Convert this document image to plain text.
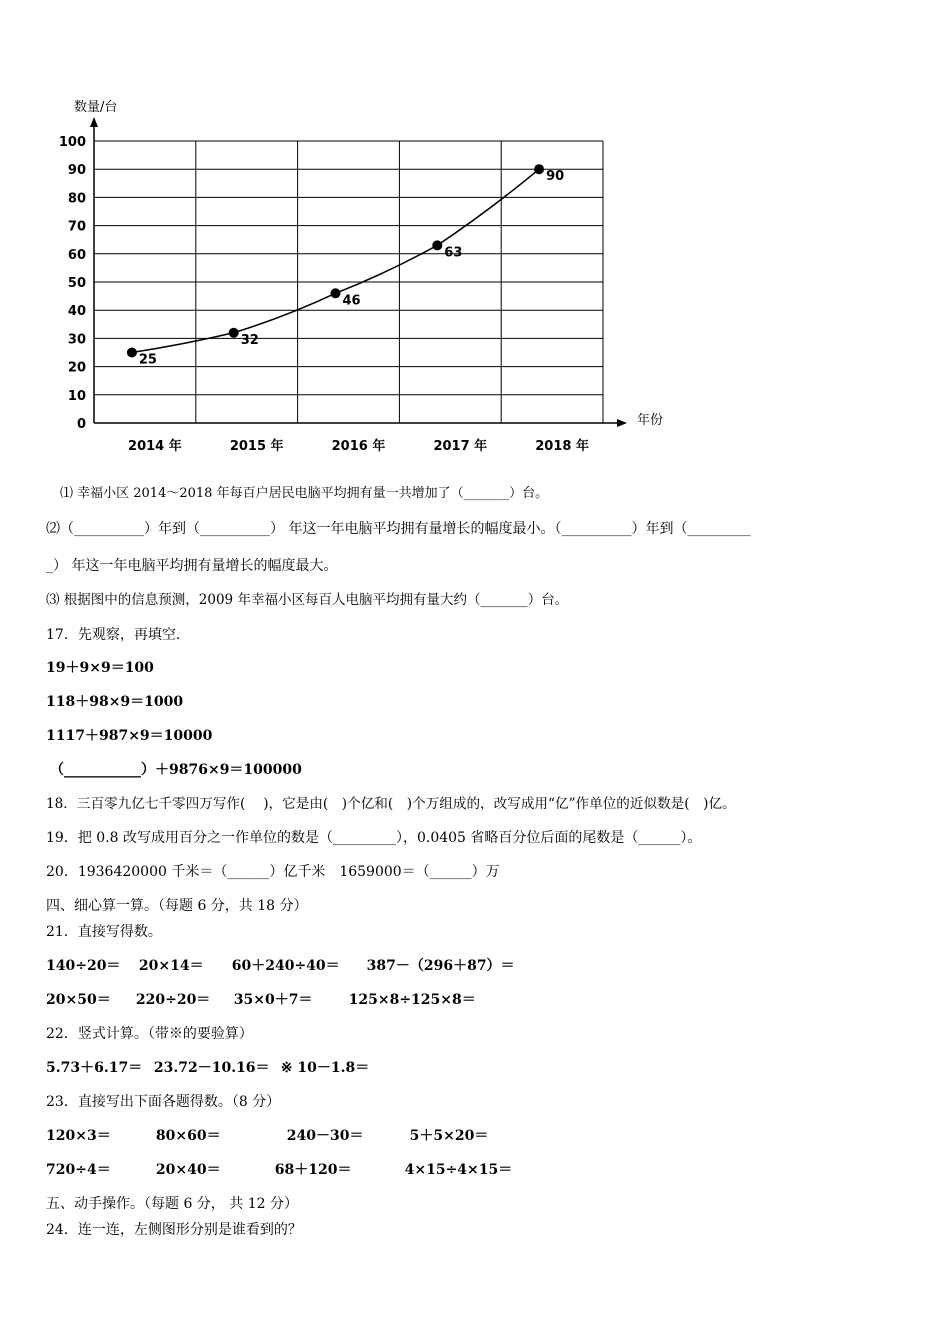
0
10
20
30
40
50
60
70
80
90
100
2014 年	2015 年	2016 年	2017 年	2018 年
25
32
46
63
90
数量/台
年份
⑴ 幸福小区 2014～2018 年每百户居民电脑平均拥有量一共增加了（_______）台。
⑵（__________）年到（__________） 年这一年电脑平均拥有量增长的幅度最小。（__________）年到（_________
_） 年这一年电脑平均拥有量增长的幅度最大。
⑶ 根据图中的信息预测，2009 年幸福小区每百人电脑平均拥有量大约（_______）台。
17．先观察，再填空.
19＋9×9＝100
118＋98×9＝1000
1117＋987×9＝10000
（___________）＋9876×9＝100000
18．三百零九亿七千零四万写作(　 )，它是由(　)个亿和(　)个万组成的，改写成用“亿”作单位的近似数是(　)亿。
19．把 0.8 改写成用百分之一作单位的数是（_________），0.0405 省略百分位后面的尾数是（______）。
20．1936420000 千米＝（______）亿千米　1659000＝（______）万
四、细心算一算。（每题 6 分，共 18 分）
21．直接写得数。
140÷20＝ 20×14＝ 60＋240÷40＝ 387－（296＋87）＝
20×50＝ 220÷20＝ 35×0＋7＝	125×8÷125×8＝
22．竖式计算。（带※的要验算）
5.73＋6.17＝ 23.72－10.16＝ ※ 10－1.8＝
23．直接写出下面各题得数。（8 分）
120×3＝	80×60＝	240－30＝	5＋5×20＝
720÷4＝	20×40＝	68＋120＝	4×15÷4×15＝
五、动手操作。（每题 6 分， 共 12 分）
24．连一连，左侧图形分别是谁看到的？
